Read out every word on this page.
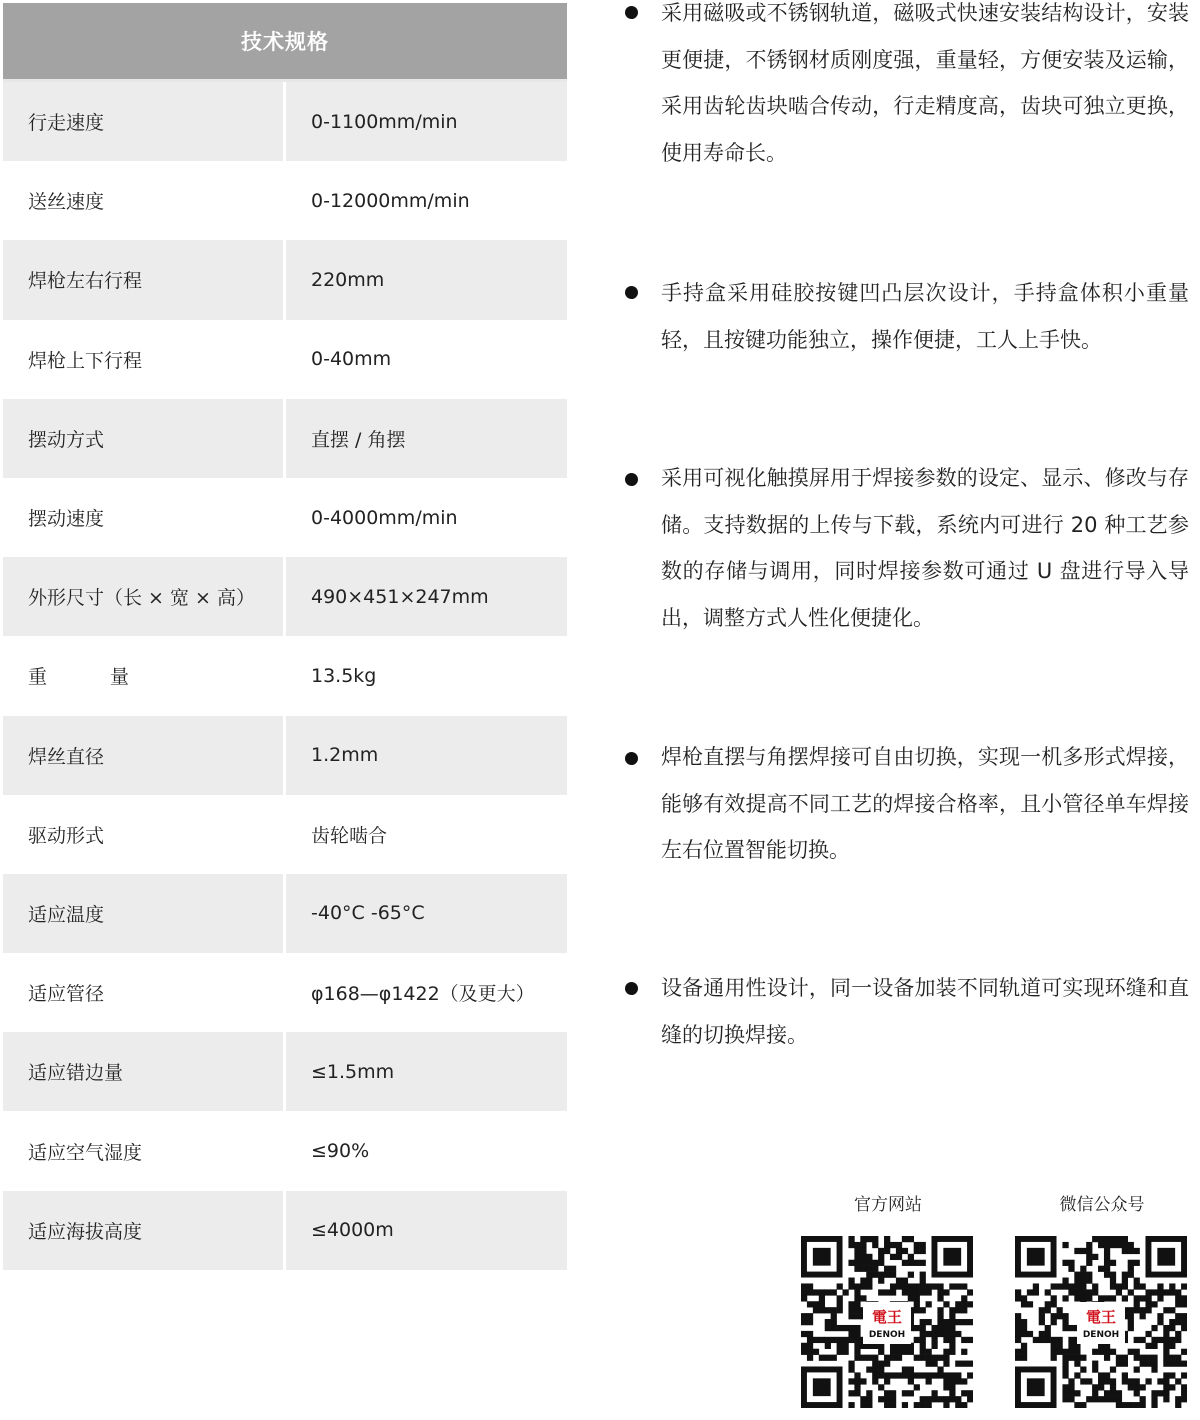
技术规格
行走速度	0-1100mm/min
送丝速度	0-12000mm/min
焊枪左右行程	220mm
焊枪上下行程	0-40mm
摆动方式	直摆 / 角摆
摆动速度	0-4000mm/min
外形尺寸（长 × 宽 × 高）	490×451×247mm
重　量	13.5kg
焊丝直径	1.2mm
驱动形式	齿轮啮合
适应温度	-40°C -65°C
适应管径	φ168—φ1422（及更大）
适应错边量	≤1.5mm
适应空气湿度	≤90%
适应海拔高度	≤4000m

采用磁吸或不锈钢轨道，磁吸式快速安装结构设计，安装更便捷，不锈钢材质刚度强，重量轻，方便安装及运输，采用齿轮齿块啮合传动，行走精度高，齿块可独立更换，使用寿命长。

手持盒采用硅胶按键凹凸层次设计，手持盒体积小重量轻，且按键功能独立，操作便捷，工人上手快。

采用可视化触摸屏用于焊接参数的设定、显示、修改与存储。支持数据的上传与下载，系统内可进行 20 种工艺参数的存储与调用，同时焊接参数可通过 U 盘进行导入导出，调整方式人性化便捷化。

焊枪直摆与角摆焊接可自由切换，实现一机多形式焊接，能够有效提高不同工艺的焊接合格率，且小管径单车焊接左右位置智能切换。

设备通用性设计，同一设备加装不同轨道可实现环缝和直缝的切换焊接。

官方网站
電王
DENOH
微信公众号
電王
DENOH
